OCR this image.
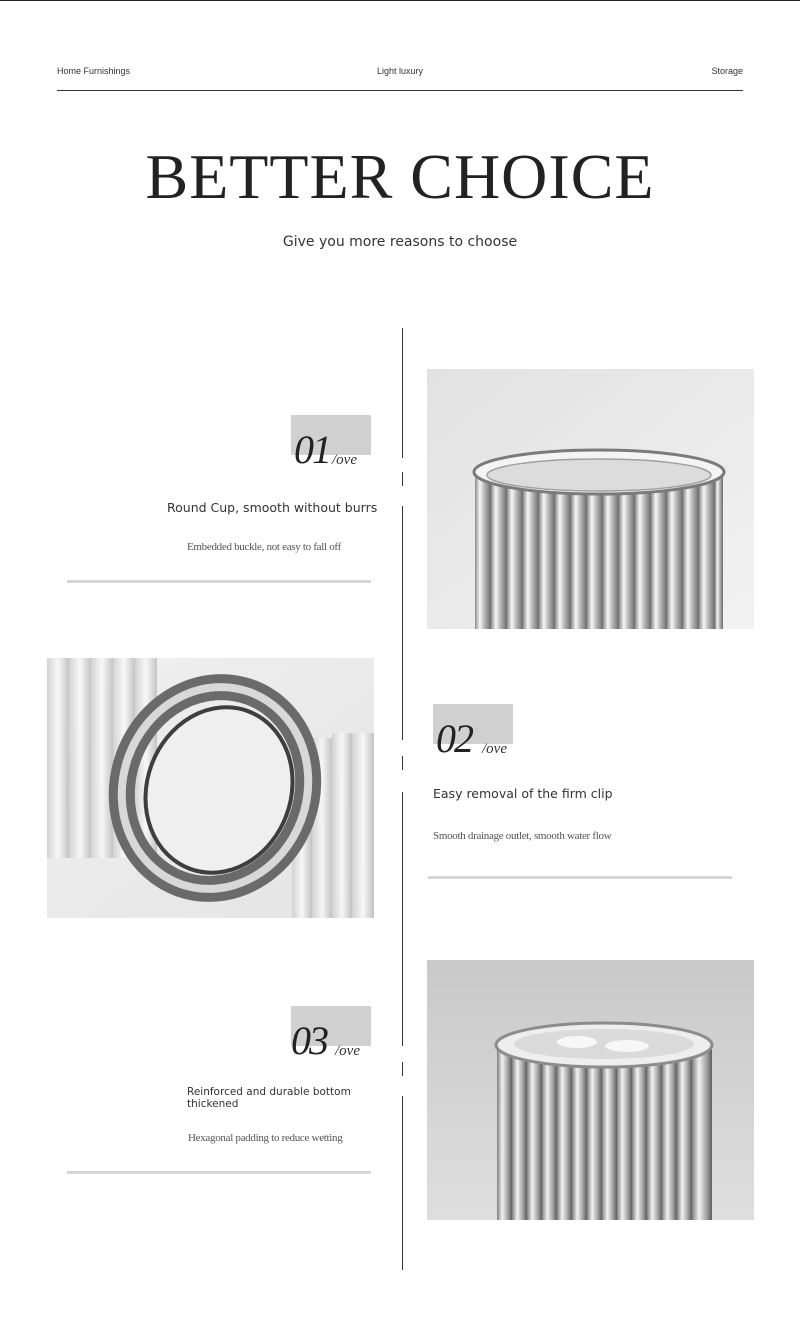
Home Furnishings	Light luxury	Storage
BETTER CHOICE
Give you more reasons to choose
01 /ove
Round Cup, smooth without burrs
Embedded buckle, not easy to fall off
02 /ove
Easy removal of the firm clip
Smooth drainage outlet, smooth water flow
03 /ove
Reinforced and durable bottom thickened
Hexagonal padding to reduce wetting
